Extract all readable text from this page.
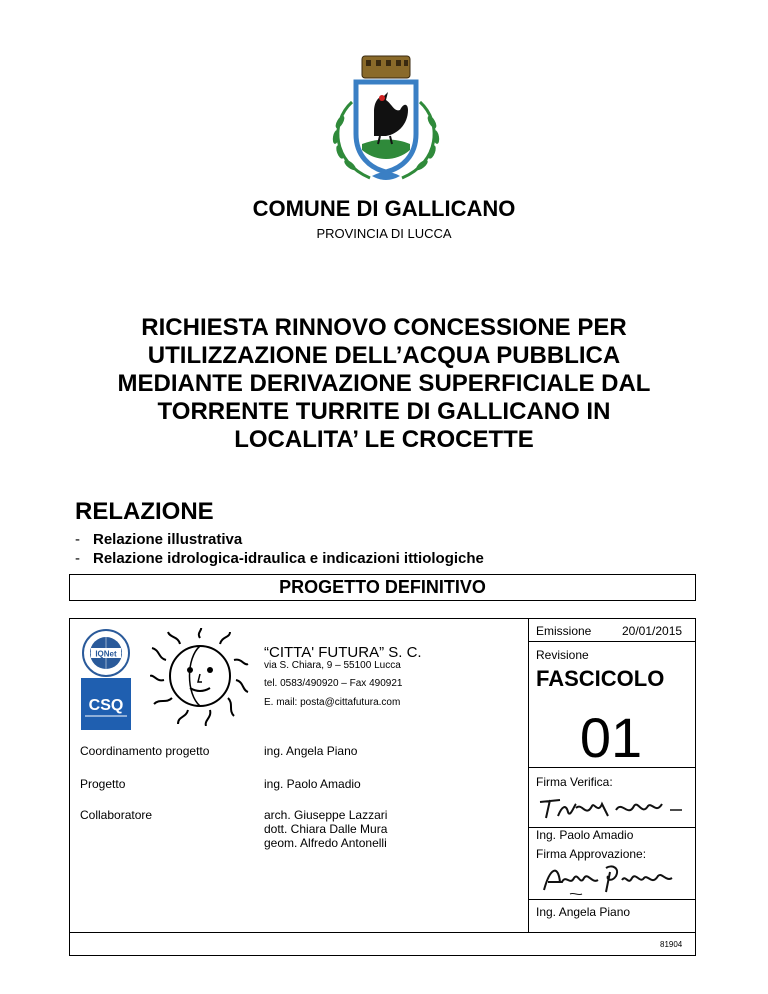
COMUNE DI GALLICANO
PROVINCIA DI LUCCA
RICHIESTA RINNOVO CONCESSIONE PER
UTILIZZAZIONE DELL’ACQUA PUBBLICA
MEDIANTE DERIVAZIONE SUPERFICIALE DAL
TORRENTE TURRITE DI GALLICANO IN
LOCALITA’ LE CROCETTE
RELAZIONE
- Relazione illustrativa
- Relazione idrologica-idraulica e indicazioni ittiologiche
PROGETTO DEFINITIVO
IQNet
CSQ
“CITTA' FUTURA” S. C.
via S. Chiara, 9 – 55100 Lucca
tel. 0583/490920 – Fax 490921
E. mail: posta@cittafutura.com
Coordinamento progetto	ing. Angela Piano
Progetto	ing. Paolo Amadio
Collaboratore	arch. Giuseppe Lazzari
dott. Chiara Dalle Mura
geom. Alfredo Antonelli
Emissione	20/01/2015
Revisione
FASCICOLO
01
Firma Verifica:
Ing. Paolo Amadio
Firma Approvazione:
Ing. Angela Piano
81904
